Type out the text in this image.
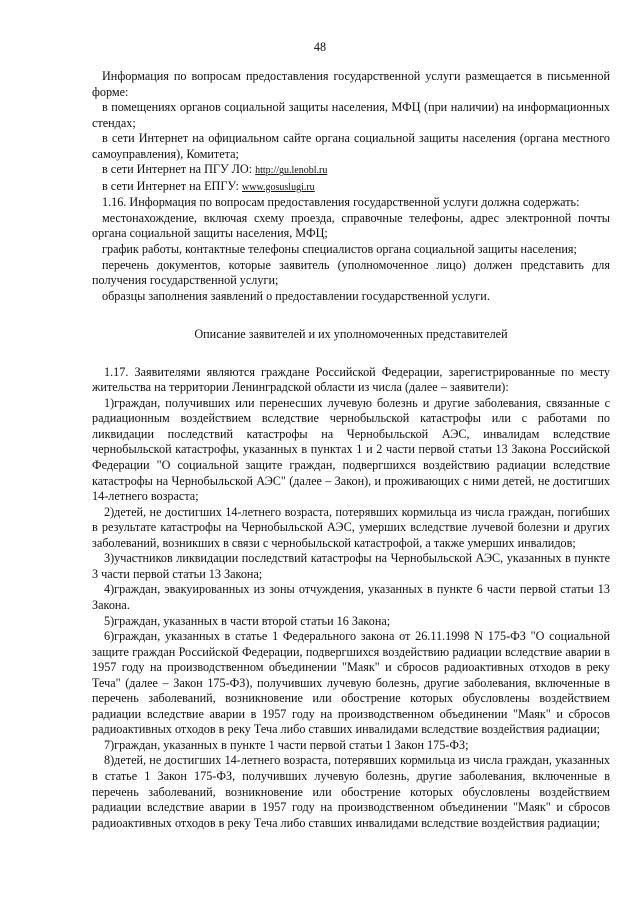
48

Информация по вопросам предоставления государственной услуги размещается в письменной форме:

в помещениях органов социальной защиты населения, МФЦ (при наличии) на информационных стендах;

в сети Интернет на официальном сайте органа социальной защиты населения (органа местного самоуправления), Комитета;

в сети Интернет на ПГУ ЛО: http://gu.lenobl.ru

в сети Интернет на ЕПГУ: www.gosuslugi.ru

1.16. Информация по вопросам предоставления государственной услуги должна содержать:

местонахождение, включая схему проезда, справочные телефоны, адрес электронной почты органа социальной защиты населения, МФЦ;

график работы, контактные телефоны специалистов органа социальной защиты населения;

перечень документов, которые заявитель (уполномоченное лицо) должен представить для получения государственной услуги;

образцы заполнения заявлений о предоставлении государственной услуги.

Описание заявителей и их уполномоченных представителей

1.17. Заявителями являются граждане Российской Федерации, зарегистрированные по месту жительства на территории Ленинградской области из числа (далее – заявители):

1)граждан, получивших или перенесших лучевую болезнь и другие заболевания, связанные с радиационным воздействием вследствие чернобыльской катастрофы или с работами по ликвидации последствий катастрофы на Чернобыльской АЭС, инвалидам вследствие чернобыльской катастрофы, указанных в пунктах 1 и 2 части первой статьи 13 Закона Российской Федерации "О социальной защите граждан, подвергшихся воздействию радиации вследствие катастрофы на Чернобыльской АЭС" (далее – Закон), и проживающих с ними детей, не достигших 14-летнего возраста;

2)детей, не достигших 14-летнего возраста, потерявших кормильца из числа граждан, погибших в результате катастрофы на Чернобыльской АЭС, умерших вследствие лучевой болезни и других заболеваний, возникших в связи с чернобыльской катастрофой, а также умерших инвалидов;

3)участников ликвидации последствий катастрофы на Чернобыльской АЭС, указанных в пункте 3 части первой статьи 13 Закона;

4)граждан, эвакуированных из зоны отчуждения, указанных в пункте 6 части первой статьи 13 Закона.

5)граждан, указанных в части второй статьи 16 Закона;

6)граждан, указанных в статье 1 Федерального закона от 26.11.1998 N 175-ФЗ "О социальной защите граждан Российской Федерации, подвергшихся воздействию радиации вследствие аварии в 1957 году на производственном объединении "Маяк" и сбросов радиоактивных отходов в реку Теча" (далее – Закон 175-ФЗ), получивших лучевую болезнь, другие заболевания, включенные в перечень заболеваний, возникновение или обострение которых обусловлены воздействием радиации вследствие аварии в 1957 году на производственном объединении "Маяк" и сбросов радиоактивных отходов в реку Теча либо ставших инвалидами вследствие воздействия радиации;

7)граждан, указанных в пункте 1 части первой статьи 1 Закон 175-ФЗ;

8)детей, не достигших 14-летнего возраста, потерявших кормильца из числа граждан, указанных в статье 1 Закон 175-ФЗ, получивших лучевую болезнь, другие заболевания, включенные в перечень заболеваний, возникновение или обострение которых обусловлены воздействием радиации вследствие аварии в 1957 году на производственном объединении "Маяк" и сбросов радиоактивных отходов в реку Теча либо ставших инвалидами вследствие воздействия радиации;
